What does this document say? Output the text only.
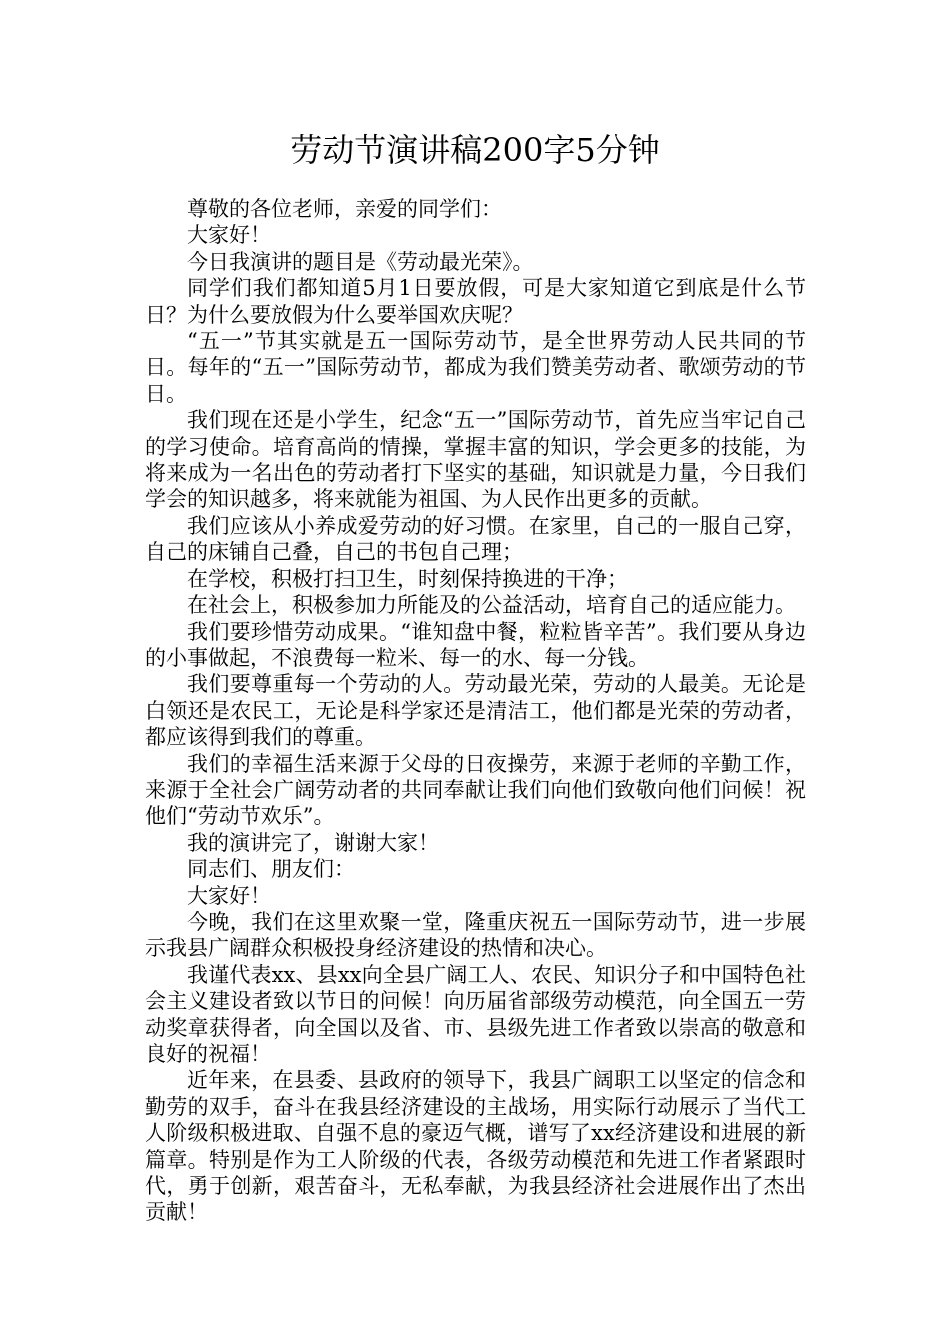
劳动节演讲稿200字5分钟

尊敬的各位老师，亲爱的同学们：

大家好！

今日我演讲的题目是《劳动最光荣》。

同学们我们都知道5月1日要放假，可是大家知道它到底是什么节日？为什么要放假为什么要举国欢庆呢？

“五一”节其实就是五一国际劳动节，是全世界劳动人民共同的节日。每年的“五一”国际劳动节，都成为我们赞美劳动者、歌颂劳动的节日。

我们现在还是小学生，纪念“五一”国际劳动节，首先应当牢记自己的学习使命。培育高尚的情操，掌握丰富的知识，学会更多的技能，为将来成为一名出色的劳动者打下坚实的基础，知识就是力量，今日我们学会的知识越多，将来就能为祖国、为人民作出更多的贡献。

我们应该从小养成爱劳动的好习惯。在家里，自己的一服自己穿，自己的床铺自己叠，自己的书包自己理；

在学校，积极打扫卫生，时刻保持换进的干净；

在社会上，积极参加力所能及的公益活动，培育自己的适应能力。

我们要珍惜劳动成果。“谁知盘中餐，粒粒皆辛苦”。我们要从身边的小事做起，不浪费每一粒米、每一的水、每一分钱。

我们要尊重每一个劳动的人。劳动最光荣，劳动的人最美。无论是白领还是农民工，无论是科学家还是清洁工，他们都是光荣的劳动者，都应该得到我们的尊重。

我们的幸福生活来源于父母的日夜操劳，来源于老师的辛勤工作，来源于全社会广阔劳动者的共同奉献让我们向他们致敬向他们问候！祝他们“劳动节欢乐”。

我的演讲完了，谢谢大家！

同志们、朋友们：

大家好！

今晚，我们在这里欢聚一堂，隆重庆祝五一国际劳动节，进一步展示我县广阔群众积极投身经济建设的热情和决心。

我谨代表xx、县xx向全县广阔工人、农民、知识分子和中国特色社会主义建设者致以节日的问候！向历届省部级劳动模范，向全国五一劳动奖章获得者，向全国以及省、市、县级先进工作者致以崇高的敬意和良好的祝福！

近年来，在县委、县政府的领导下，我县广阔职工以坚定的信念和勤劳的双手，奋斗在我县经济建设的主战场，用实际行动展示了当代工人阶级积极进取、自强不息的豪迈气概，谱写了xx经济建设和进展的新篇章。特别是作为工人阶级的代表，各级劳动模范和先进工作者紧跟时代，勇于创新，艰苦奋斗，无私奉献，为我县经济社会进展作出了杰出贡献！
